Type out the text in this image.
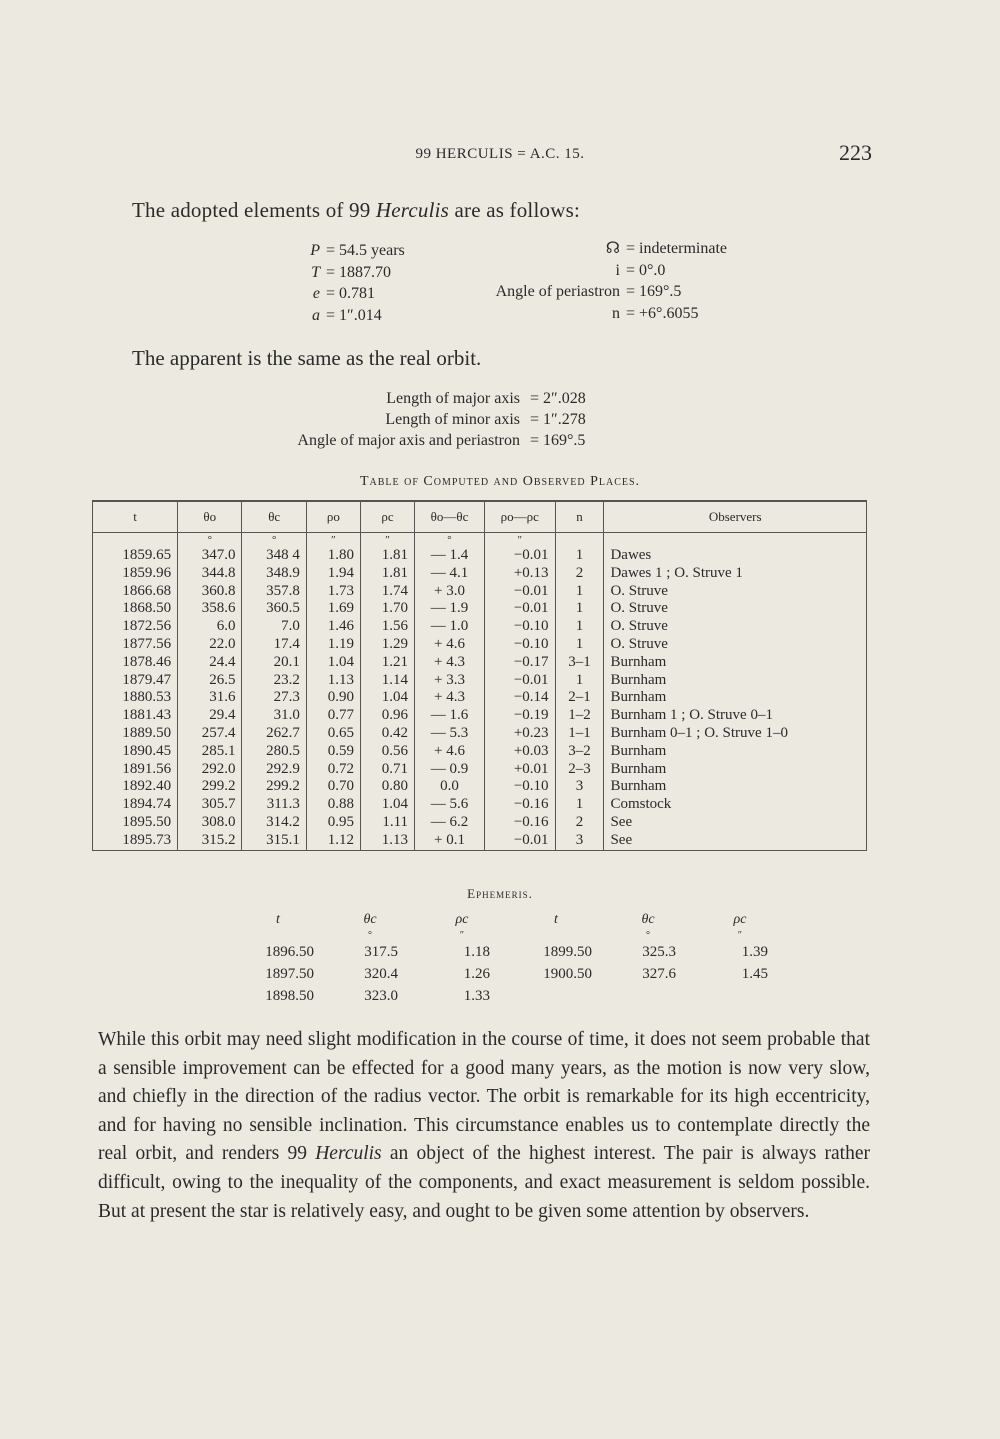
99 HERCULIS = A.C. 15.	223
The adopted elements of 99 Herculis are as follows:
P = 54.5 years
T = 1887.70
e = 0.781
a = 1″.014
☊ = indeterminate
i = 0°.0
Angle of periastron = 169°.5
n = +6°.6055
The apparent is the same as the real orbit.
Length of major axis = 2″.028
Length of minor axis = 1″.278
Angle of major axis and periastron = 169°.5
Table of Computed and Observed Places.
t	θo	θc	ρo	ρc	θo—θc	ρo—ρc	n	Observers
	°	°	″	″	°	″		
1859.65	347.0	348 4	1.80	1.81	— 1.4	−0.01	1	Dawes
1859.96	344.8	348.9	1.94	1.81	— 4.1	+0.13	2	Dawes 1 ; O. Struve 1
1866.68	360.8	357.8	1.73	1.74	+ 3.0	−0.01	1	O. Struve
1868.50	358.6	360.5	1.69	1.70	— 1.9	−0.01	1	O. Struve
1872.56	6.0	7.0	1.46	1.56	— 1.0	−0.10	1	O. Struve
1877.56	22.0	17.4	1.19	1.29	+ 4.6	−0.10	1	O. Struve
1878.46	24.4	20.1	1.04	1.21	+ 4.3	−0.17	3–1	Burnham
1879.47	26.5	23.2	1.13	1.14	+ 3.3	−0.01	1	Burnham
1880.53	31.6	27.3	0.90	1.04	+ 4.3	−0.14	2–1	Burnham
1881.43	29.4	31.0	0.77	0.96	— 1.6	−0.19	1–2	Burnham 1 ; O. Struve 0–1
1889.50	257.4	262.7	0.65	0.42	— 5.3	+0.23	1–1	Burnham 0–1 ; O. Struve 1–0
1890.45	285.1	280.5	0.59	0.56	+ 4.6	+0.03	3–2	Burnham
1891.56	292.0	292.9	0.72	0.71	— 0.9	+0.01	2–3	Burnham
1892.40	299.2	299.2	0.70	0.80	0.0	−0.10	3	Burnham
1894.74	305.7	311.3	0.88	1.04	— 5.6	−0.16	1	Comstock
1895.50	308.0	314.2	0.95	1.11	— 6.2	−0.16	2	See
1895.73	315.2	315.1	1.12	1.13	+ 0.1	−0.01	3	See
Ephemeris.
t	θc	ρc
	°	″
1896.50	317.5	1.18
1897.50	320.4	1.26
1898.50	323.0	1.33
t	θc	ρc
	°	″
1899.50	325.3	1.39
1900.50	327.6	1.45
While this orbit may need slight modification in the course of time, it does not seem probable that a sensible improvement can be effected for a good many years, as the motion is now very slow, and chiefly in the direction of the radius vector. The orbit is remarkable for its high eccentricity, and for having no sensible inclination. This circumstance enables us to contemplate directly the real orbit, and renders 99 Herculis an object of the highest interest. The pair is always rather difficult, owing to the inequality of the components, and exact measurement is seldom possible. But at present the star is relatively easy, and ought to be given some attention by observers.
